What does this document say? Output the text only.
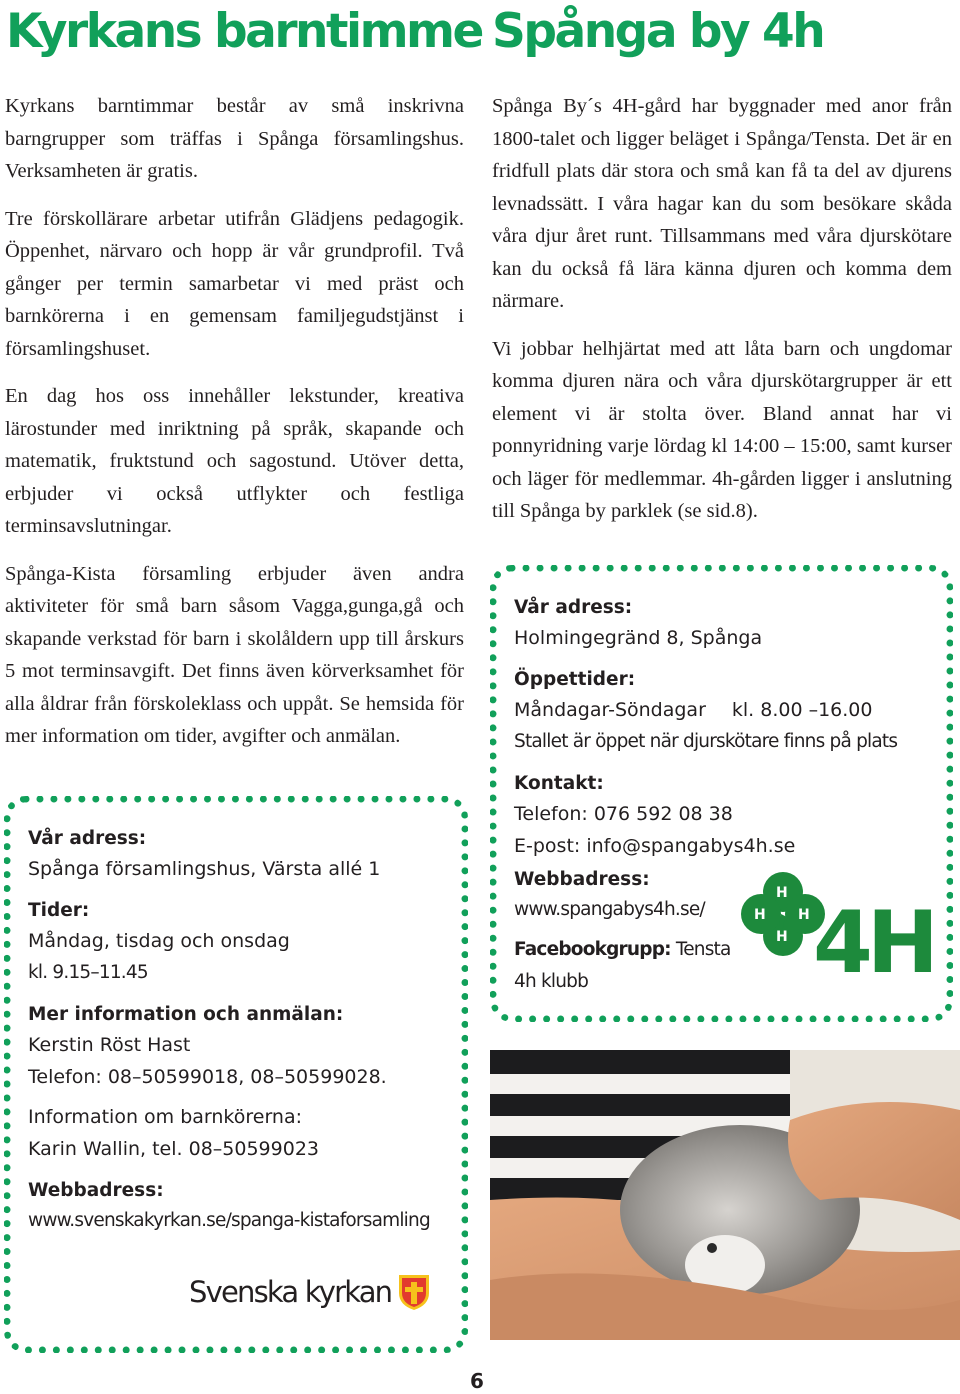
Kyrkans barntimme

Kyrkans barntimmar består av små inskrivna barngrupper som träffas i Spånga församlingshus. Verksamheten är gratis.

Tre förskollärare arbetar utifrån Glädjens pedagogik. Öppenhet, närvaro och hopp är vår grundprofil. Två gånger per termin samarbetar vi med präst och barnkörerna i en gemensam familjegudstjänst i församlingshuset.

En dag hos oss innehåller lekstunder, kreativa lärostunder med inriktning på språk, skapande och matematik, fruktstund och sagostund. Utöver detta, erbjuder vi också utflykter och festliga terminsavslutningar.

Spånga-Kista församling erbjuder även andra aktiviteter för små barn såsom Vagga,gunga,gå och skapande verkstad för barn i skolåldern upp till årskurs 5 mot terminsavgift. Det finns även körverksamhet för alla åldrar från förskoleklass och uppåt. Se hemsida för mer information om tider, avgifter och anmälan.

Vår adress:
Spånga församlingshus, Värsta allé 1
Tider:
Måndag, tisdag och onsdag
kl. 9.15–11.45
Mer information och anmälan:
Kerstin Röst Hast
Telefon: 08–50599018, 08–50599028.
Information om barnkörerna:
Karin Wallin, tel. 08–50599023
Webbadress:
www.svenskakyrkan.se/spanga-kistaforsamling
Svenska kyrkan
Spånga by 4h

Spånga By´s 4H-gård har byggnader med anor från 1800-talet och ligger beläget i Spånga/Tensta. Det är en fridfull plats där stora och små kan få ta del av djurens levnadssätt. I våra hagar kan du som besökare skåda våra djur året runt. Tillsammans med våra djurskötare kan du också få lära känna djuren och komma dem närmare.

Vi jobbar helhjärtat med att låta barn och ungdomar komma djuren nära och våra djurskötargrupper är ett element vi är stolta över. Bland annat har vi ponnyridning varje lördag kl 14:00 – 15:00, samt kurser och läger för medlemmar. 4h-gården ligger i anslutning till Spånga by parklek (se sid.8).

Vår adress:
Holmingegränd 8, Spånga
Öppettider:
Måndagar-Söndagar kl. 8.00 –16.00
Stallet är öppet när djurskötare finns på plats
Kontakt:
Telefon: 076 592 08 38
E-post: info@spangabys4h.se
Webbadress:
www.spangabys4h.se/
Facebookgrupp: Tensta
4h klubb
H
H
H H 4H
6
